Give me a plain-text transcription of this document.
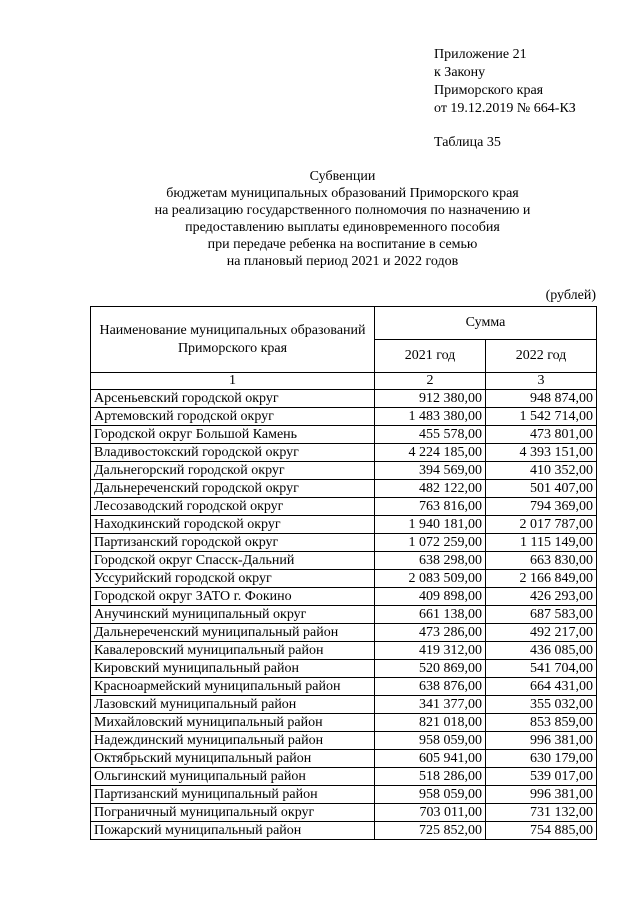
Приложение 21
к Закону
Приморского края
от 19.12.2019 № 664-КЗ
Таблица 35
Субвенции
бюджетам муниципальных образований Приморского края
на реализацию государственного полномочия по назначению и
предоставлению выплаты единовременного пособия
при передаче ребенка на воспитание в семью
на плановый период 2021 и 2022 годов
(рублей)
Наименование муниципальных образований Приморского края	Сумма	
	2021 год	2022 год
1	2	3
Арсеньевский городской округ	912 380,00	948 874,00
Артемовский городской округ	1 483 380,00	1 542 714,00
Городской округ Большой Камень	455 578,00	473 801,00
Владивостокский городской округ	4 224 185,00	4 393 151,00
Дальнегорский городской округ	394 569,00	410 352,00
Дальнереченский городской округ	482 122,00	501 407,00
Лесозаводский городской округ	763 816,00	794 369,00
Находкинский городской округ	1 940 181,00	2 017 787,00
Партизанский городской округ	1 072 259,00	1 115 149,00
Городской округ Спасск-Дальний	638 298,00	663 830,00
Уссурийский городской округ	2 083 509,00	2 166 849,00
Городской округ ЗАТО г. Фокино	409 898,00	426 293,00
Анучинский муниципальный округ	661 138,00	687 583,00
Дальнереченский муниципальный район	473 286,00	492 217,00
Кавалеровский муниципальный район	419 312,00	436 085,00
Кировский муниципальный район	520 869,00	541 704,00
Красноармейский муниципальный район	638 876,00	664 431,00
Лазовский муниципальный район	341 377,00	355 032,00
Михайловский муниципальный район	821 018,00	853 859,00
Надеждинский муниципальный район	958 059,00	996 381,00
Октябрьский муниципальный район	605 941,00	630 179,00
Ольгинский муниципальный район	518 286,00	539 017,00
Партизанский муниципальный район	958 059,00	996 381,00
Пограничный муниципальный округ	703 011,00	731 132,00
Пожарский муниципальный район	725 852,00	754 885,00
